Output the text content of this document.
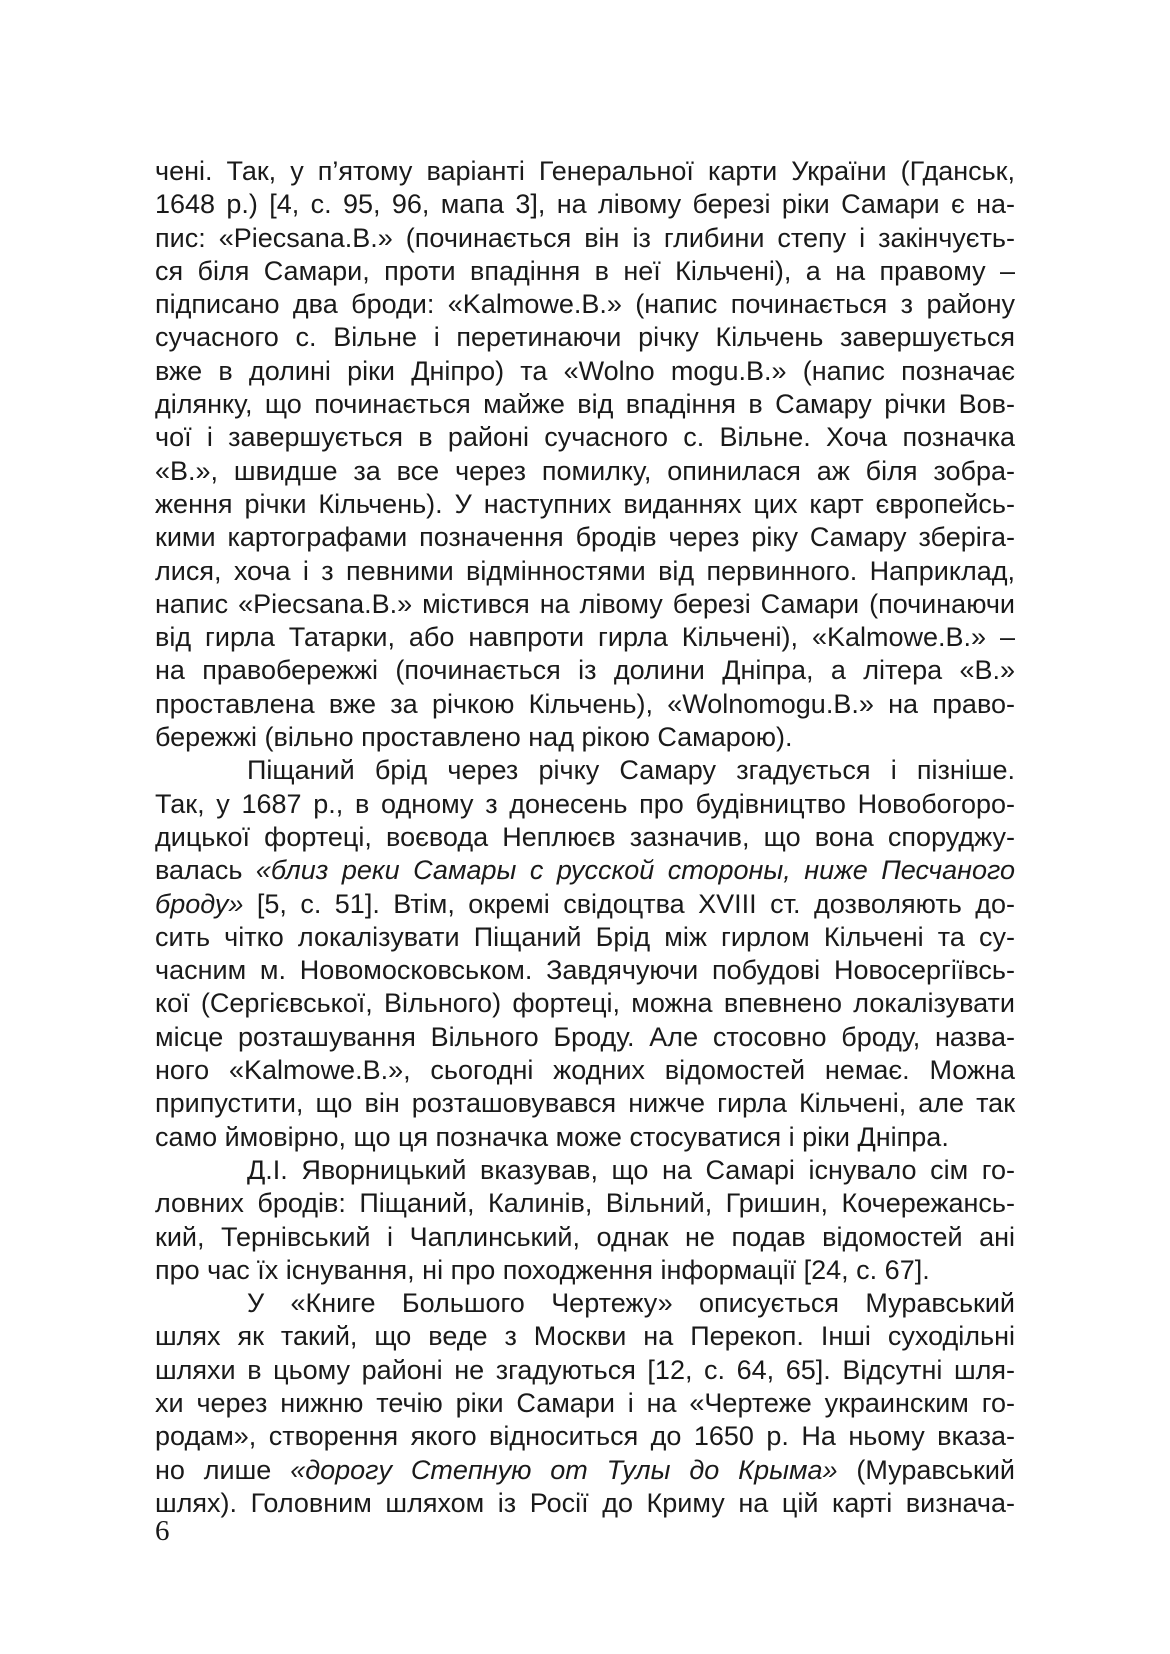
чені. Так, у п’ятому варіанті Генеральної карти України (Гданськ,
1648 р.) [4, с. 95, 96, мапа 3], на лівому березі ріки Самари є на-
пис: «Piecsana.B.» (починається він із глибини степу і закінчуєть-
ся біля Самари, проти впадіння в неї Кільчені), а на правому –
підписано два броди: «Kalmowe.B.» (напис починається з району
сучасного с. Вільне і перетинаючи річку Кільчень завершується
вже в долині ріки Дніпро) та «Wolno mogu.B.» (напис позначає
ділянку, що починається майже від впадіння в Самару річки Вов-
чої і завершується в районі сучасного с. Вільне. Хоча позначка
«B.», швидше за все через помилку, опинилася аж біля зобра-
ження річки Кільчень). У наступних виданнях цих карт європейсь-
кими картографами позначення бродів через ріку Самару зберіга-
лися, хоча і з певними відмінностями від первинного. Наприклад,
напис «Piecsana.B.» містився на лівому березі Самари (починаючи
від гирла Татарки, або навпроти гирла Кільчені), «Kalmowe.B.» –
на правобережжі (починається із долини Дніпра, а літера «B.»
проставлена вже за річкою Кільчень), «Wolnomogu.B.» на право-
бережжі (вільно проставлено над рікою Самарою).
Піщаний брід через річку Самару згадується і пізніше.
Так, у 1687 р., в одному з донесень про будівництво Новобогоро-
дицької фортеці, воєвода Неплюєв зазначив, що вона споруджу-
валась «близ реки Самары с русской стороны, ниже Песчаного
броду» [5, с. 51]. Втім, окремі свідоцтва XVIII ст. дозволяють до-
сить чітко локалізувати Піщаний Брід між гирлом Кільчені та су-
часним м. Новомосковськом. Завдячуючи побудові Новосергіївсь-
кої (Сергієвської, Вільного) фортеці, можна впевнено локалізувати
місце розташування Вільного Броду. Але стосовно броду, назва-
ного «Kalmowe.B.», сьогодні жодних відомостей немає. Можна
припустити, що він розташовувався нижче гирла Кільчені, але так
само ймовірно, що ця позначка може стосуватися і ріки Дніпра.
Д.І. Яворницький вказував, що на Самарі існувало сім го-
ловних бродів: Піщаний, Калинів, Вільний, Гришин, Кочережансь-
кий, Тернівський і Чаплинський, однак не подав відомостей ані
про час їх існування, ні про походження інформації [24, с. 67].
У «Книге Большого Чертежу» описується Муравський
шлях як такий, що веде з Москви на Перекоп. Інші суходільні
шляхи в цьому районі не згадуються [12, с. 64, 65]. Відсутні шля-
хи через нижню течію ріки Самари і на «Чертеже украинским го-
родам», створення якого відноситься до 1650 р. На ньому вказа-
но лише «дорогу Степную от Тулы до Крыма» (Муравський
шлях). Головним шляхом із Росії до Криму на цій карті визнача-
6
